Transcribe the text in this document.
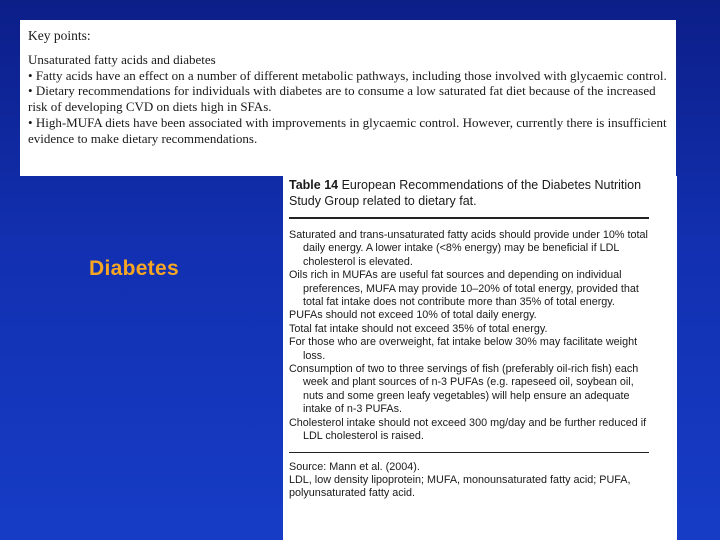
Key points:
Unsaturated fatty acids and diabetes
• Fatty acids have an effect on a number of different metabolic pathways, including those involved with glycaemic control.
• Dietary recommendations for individuals with diabetes are to consume a low saturated fat diet because of the increased risk of developing CVD on diets high in SFAs.
• High-MUFA diets have been associated with improvements in glycaemic control. However, currently there is insufficient evidence to make dietary recommendations.
Diabetes
Table 14 European Recommendations of the Diabetes Nutrition Study Group related to dietary fat.
Saturated and trans-unsaturated fatty acids should provide under 10% total daily energy. A lower intake (<8% energy) may be beneficial if LDL cholesterol is elevated.
Oils rich in MUFAs are useful fat sources and depending on individual preferences, MUFA may provide 10–20% of total energy, provided that total fat intake does not contribute more than 35% of total energy.
PUFAs should not exceed 10% of total daily energy.
Total fat intake should not exceed 35% of total energy.
For those who are overweight, fat intake below 30% may facilitate weight loss.
Consumption of two to three servings of fish (preferably oil-rich fish) each week and plant sources of n-3 PUFAs (e.g. rapeseed oil, soybean oil, nuts and some green leafy vegetables) will help ensure an adequate intake of n-3 PUFAs.
Cholesterol intake should not exceed 300 mg/day and be further reduced if LDL cholesterol is raised.
Source: Mann et al. (2004).
LDL, low density lipoprotein; MUFA, monounsaturated fatty acid; PUFA, polyunsaturated fatty acid.
